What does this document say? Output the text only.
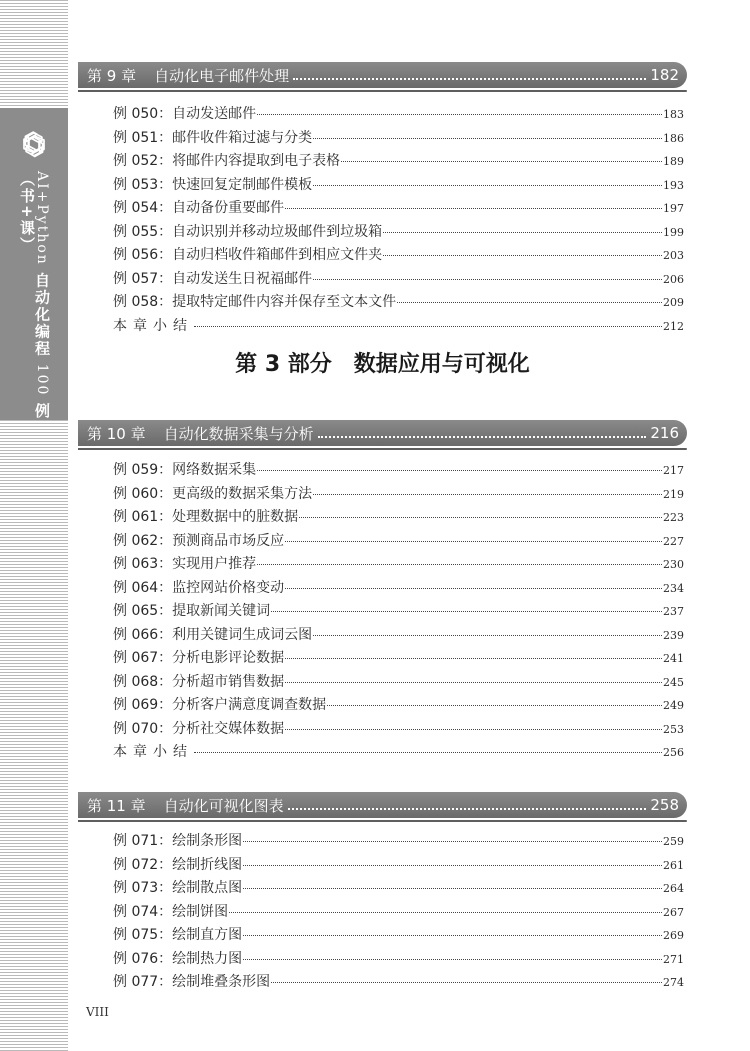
AI+Python 自动化编程 100 例（书+课）
第 9 章 自动化电子邮件处理	182
例 050：自动发送邮件	183
例 051：邮件收件箱过滤与分类	186
例 052：将邮件内容提取到电子表格	189
例 053：快速回复定制邮件模板	193
例 054：自动备份重要邮件	197
例 055：自动识别并移动垃圾邮件到垃圾箱	199
例 056：自动归档收件箱邮件到相应文件夹	203
例 057：自动发送生日祝福邮件	206
例 058：提取特定邮件内容并保存至文本文件	209
本章小结	212
第 3 部分　数据应用与可视化
第 10 章 自动化数据采集与分析	216
例 059：网络数据采集	217
例 060：更高级的数据采集方法	219
例 061：处理数据中的脏数据	223
例 062：预测商品市场反应	227
例 063：实现用户推荐	230
例 064：监控网站价格变动	234
例 065：提取新闻关键词	237
例 066：利用关键词生成词云图	239
例 067：分析电影评论数据	241
例 068：分析超市销售数据	245
例 069：分析客户满意度调查数据	249
例 070：分析社交媒体数据	253
本章小结	256
第 11 章 自动化可视化图表	258
例 071：绘制条形图	259
例 072：绘制折线图	261
例 073：绘制散点图	264
例 074：绘制饼图	267
例 075：绘制直方图	269
例 076：绘制热力图	271
例 077：绘制堆叠条形图	274
VIII
